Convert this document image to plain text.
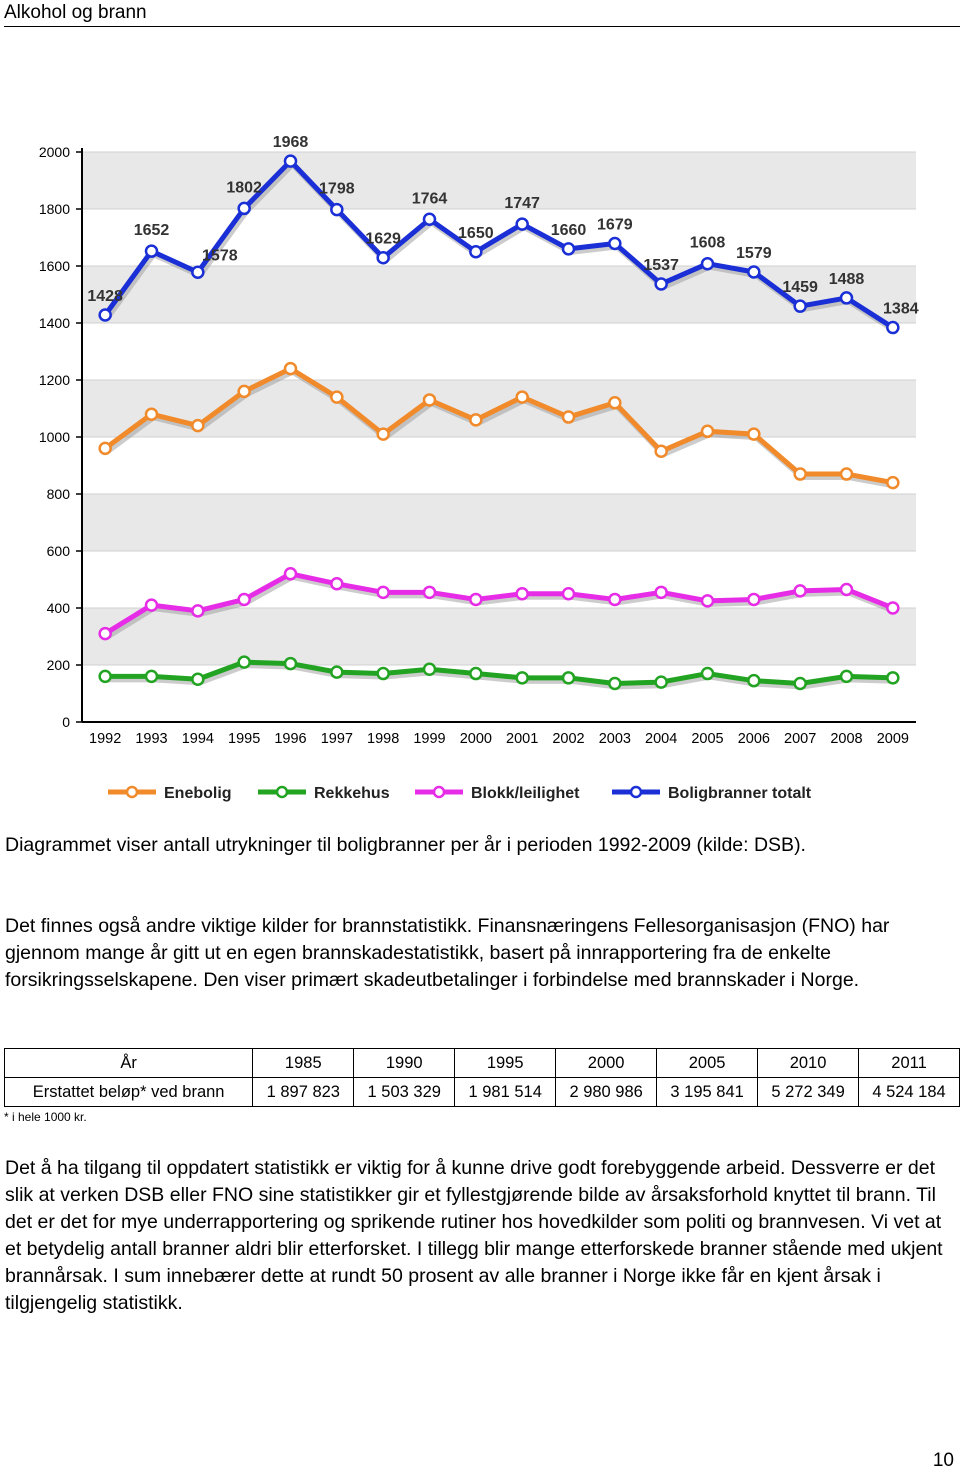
Alkohol og brann
0
200
400
600
800
1000
1200
1400
1600
1800
2000
1992 1993 1994 1995 1996 1997 1998 1999 2000 2001 2002 2003 2004 2005 2006 2007 2008 2009
1428
1652
1578
1802
1968
1798
1629
1764
1650
1747
1660 1679
1537
1608
1579
1459 1488
1384
Enebolig	Rekkehus	Blokk/leilighet	Boligbranner totalt

Diagrammet viser antall utrykninger til boligbranner per år i perioden 1992-2009 (kilde: DSB).

Det finnes også andre viktige kilder for brannstatistikk. Finansnæringens Fellesorganisasjon (FNO) har gjennom mange år gitt ut en egen brannskadestatistikk, basert på innrapportering fra de enkelte forsikringsselskapene. Den viser primært skadeutbetalinger i forbindelse med brannskader i Norge.

År	1985	1990	1995	2000	2005	2010	2011
Erstattet beløp* ved brann	1 897 823	1 503 329	1 981 514	2 980 986	3 195 841	5 272 349	4 524 184
* i hele 1000 kr.

Det å ha tilgang til oppdatert statistikk er viktig for å kunne drive godt forebyggende arbeid. Dessverre er det slik at verken DSB eller FNO sine statistikker gir et fyllestgjørende bilde av årsaksforhold knyttet til brann. Til det er det for mye underrapportering og sprikende rutiner hos hovedkilder som politi og brannvesen. Vi vet at et betydelig antall branner aldri blir etterforsket. I tillegg blir mange etterforskede branner stående med ukjent brannårsak. I sum innebærer dette at rundt 50 prosent av alle branner i Norge ikke får en kjent årsak i tilgjengelig statistikk.

10
